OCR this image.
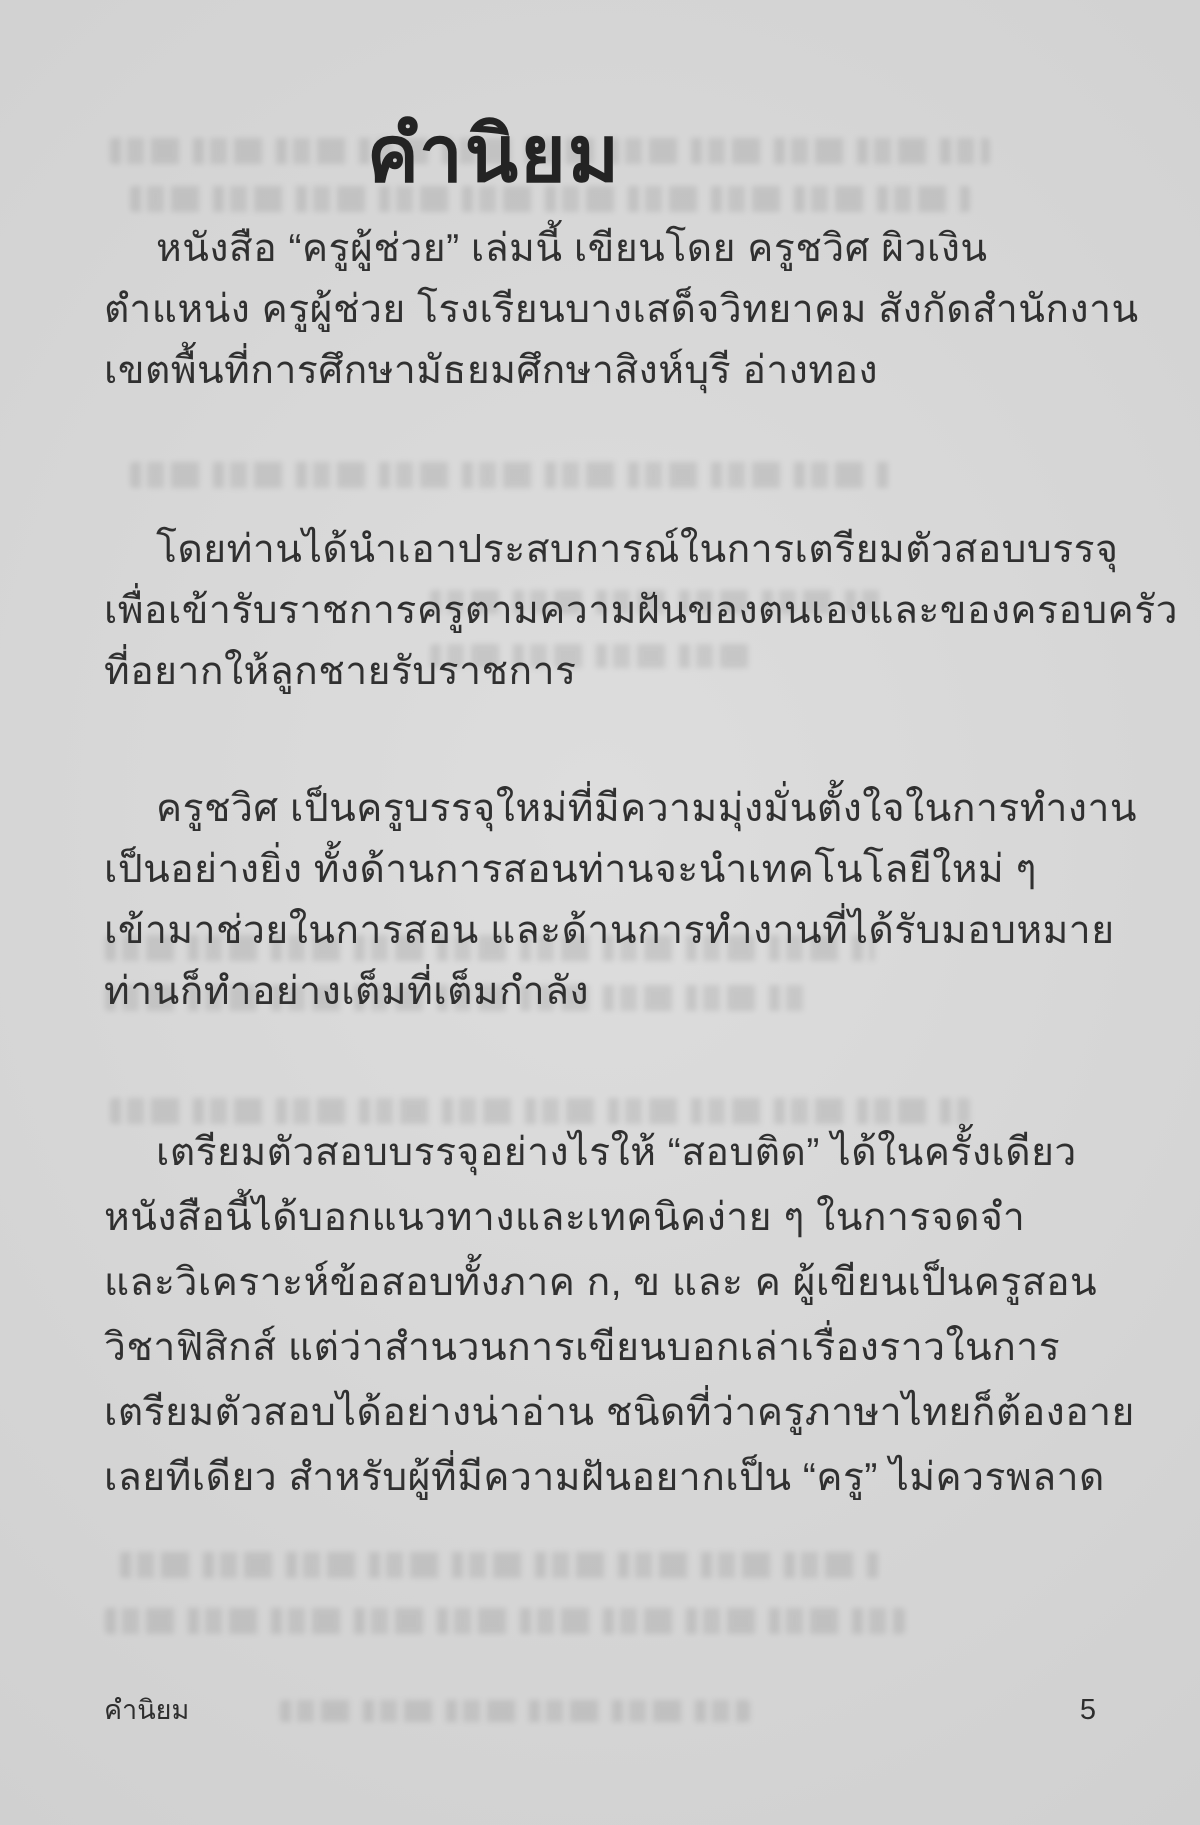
คำนิยม

หนังสือ “ครูผู้ช่วย” เล่มนี้ เขียนโดย ครูชวิศ ผิวเงิน
ตำแหน่ง ครูผู้ช่วย โรงเรียนบางเสด็จวิทยาคม สังกัดสำนักงาน
เขตพื้นที่การศึกษามัธยมศึกษาสิงห์บุรี อ่างทอง

โดยท่านได้นำเอาประสบการณ์ในการเตรียมตัวสอบบรรจุ
เพื่อเข้ารับราชการครูตามความฝันของตนเองและของครอบครัว
ที่อยากให้ลูกชายรับราชการ

ครูชวิศ เป็นครูบรรจุใหม่ที่มีความมุ่งมั่นตั้งใจในการทำงาน
เป็นอย่างยิ่ง ทั้งด้านการสอนท่านจะนำเทคโนโลยีใหม่ ๆ
เข้ามาช่วยในการสอน และด้านการทำงานที่ได้รับมอบหมาย
ท่านก็ทำอย่างเต็มที่เต็มกำลัง

เตรียมตัวสอบบรรจุอย่างไรให้ “สอบติด” ได้ในครั้งเดียว
หนังสือนี้ได้บอกแนวทางและเทคนิคง่าย ๆ ในการจดจำ
และวิเคราะห์ข้อสอบทั้งภาค ก, ข และ ค ผู้เขียนเป็นครูสอน
วิชาฟิสิกส์ แต่ว่าสำนวนการเขียนบอกเล่าเรื่องราวในการ
เตรียมตัวสอบได้อย่างน่าอ่าน ชนิดที่ว่าครูภาษาไทยก็ต้องอาย
เลยทีเดียว สำหรับผู้ที่มีความฝันอยากเป็น “ครู” ไม่ควรพลาด

คำนิยม	5
